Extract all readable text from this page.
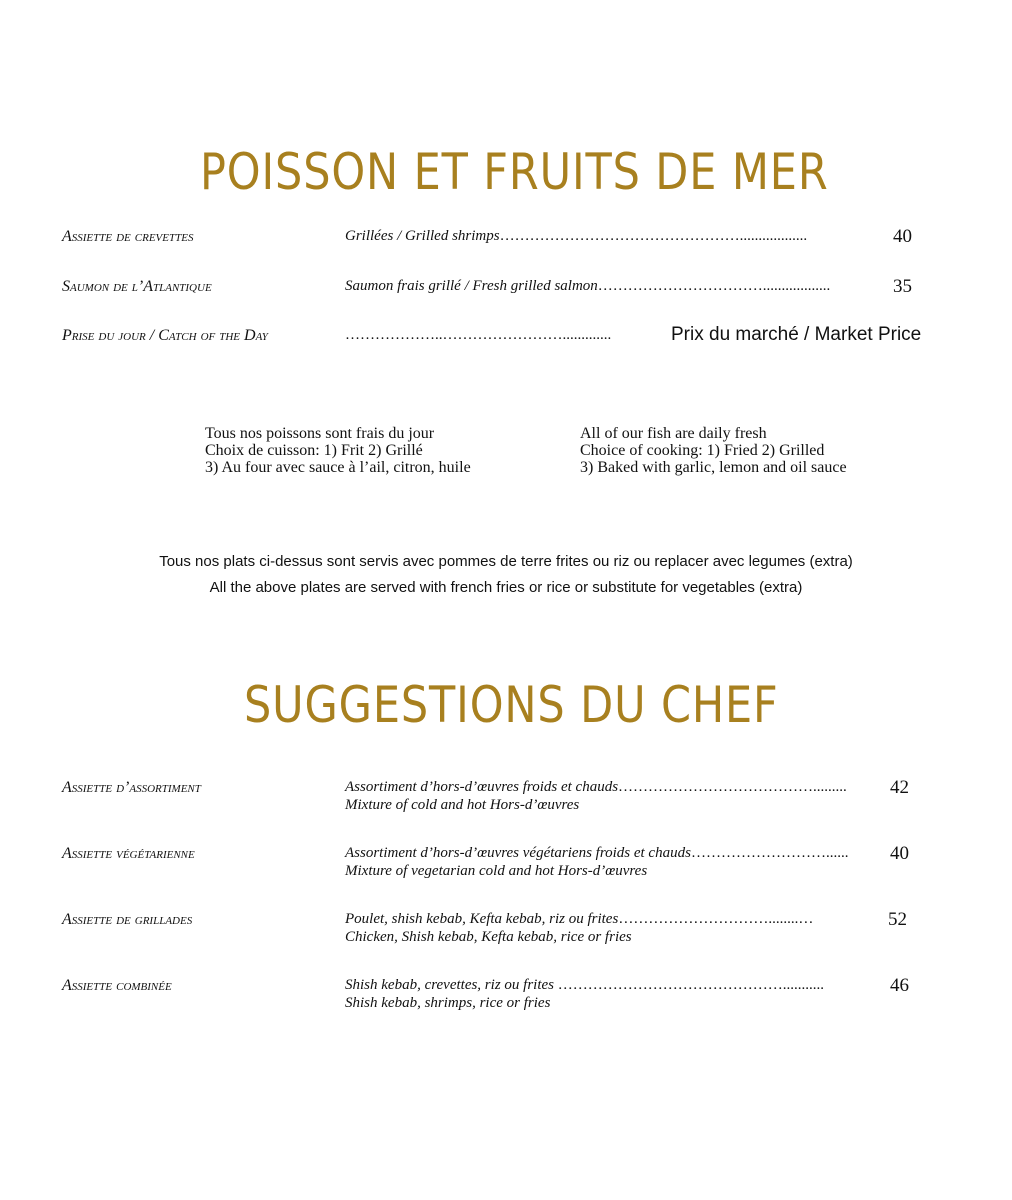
POISSON ET FRUITS DE MER
Assiette de crevettes	Grillées / Grilled shrimps…………………………………………..................	40
Saumon de l’Atlantique	Saumon frais grillé / Fresh grilled salmon……………………………..................	35
Prise du jour / Catch of the Day	………………..…………………….............	Prix du marché / Market Price
Tous nos poissons sont frais du jour
Choix de cuisson: 1) Frit 2) Grillé
3) Au four avec sauce à l’ail, citron, huile
All of our fish are daily fresh
Choice of cooking: 1) Fried 2) Grilled
3) Baked with garlic, lemon and oil sauce
Tous nos plats ci-dessus sont servis avec pommes de terre frites ou riz ou replacer avec legumes (extra)
All the above plates are served with french fries or rice or substitute for vegetables (extra)
SUGGESTIONS DU CHEF
Assiette d’assortiment	Assortiment d’hors-d’œuvres froids et chauds…………………………………......... 42
Mixture of cold and hot Hors-d’œuvres
Assiette végétarienne	Assortiment d’hors-d’œuvres végétariens froids et chauds………………………...... 40
Mixture of vegetarian cold and hot Hors-d’œuvres
Assiette de grillades	Poulet, shish kebab, Kefta kebab, riz ou frites…………………………........…	52
Chicken, Shish kebab, Kefta kebab, rice or fries
Assiette combinée	Shish kebab, crevettes, riz ou frites ………………………………………...........	46
Shish kebab, shrimps, rice or fries
